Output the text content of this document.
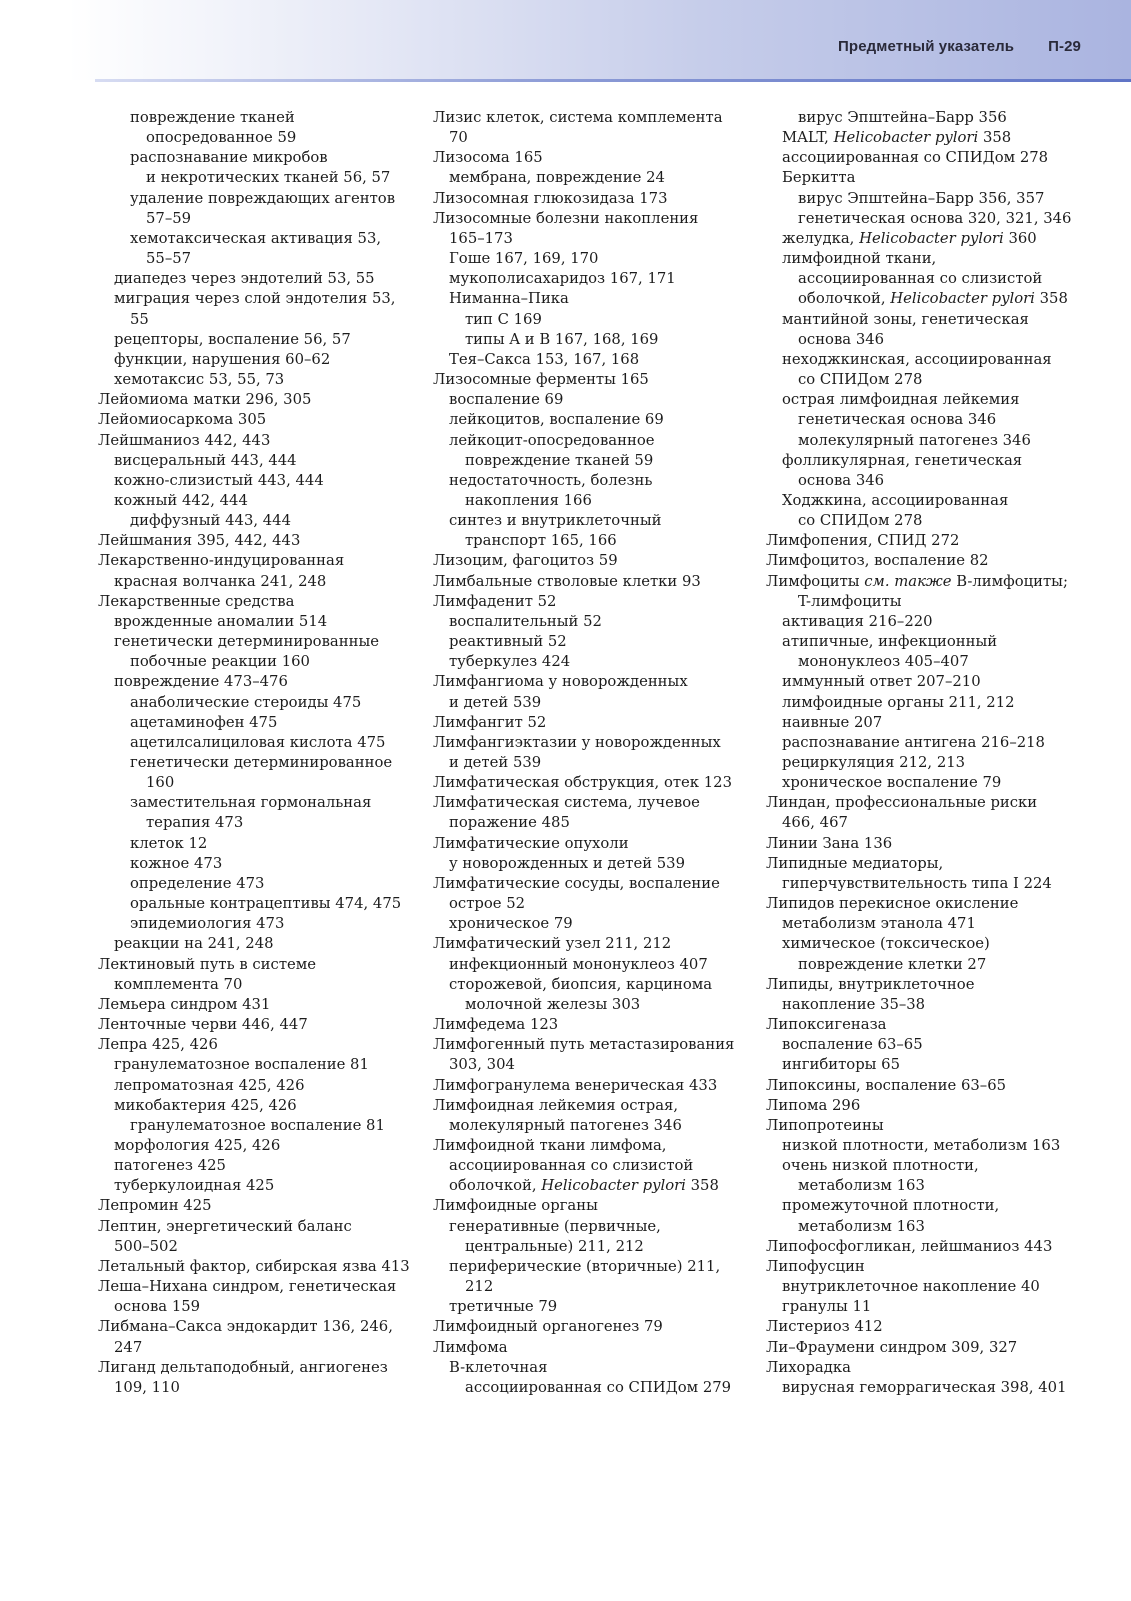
Предметный указатель П-29
повреждение тканей
опосредованное 59
распознавание микробов
и некротических тканей 56, 57
удаление повреждающих агентов
57–59
хемотаксическая активация 53,
55–57
диапедез через эндотелий 53, 55
миграция через слой эндотелия 53,
55
рецепторы, воспаление 56, 57
функции, нарушения 60–62
хемотаксис 53, 55, 73
Лейомиома матки 296, 305
Лейомиосаркома 305
Лейшманиоз 442, 443
висцеральный 443, 444
кожно-слизистый 443, 444
кожный 442, 444
диффузный 443, 444
Лейшмания 395, 442, 443
Лекарственно-индуцированная
красная волчанка 241, 248
Лекарственные средства
врожденные аномалии 514
генетически детерминированные
побочные реакции 160
повреждение 473–476
анаболические стероиды 475
ацетаминофен 475
ацетилсалициловая кислота 475
генетически детерминированное
160
заместительная гормональная
терапия 473
клеток 12
кожное 473
определение 473
оральные контрацептивы 474, 475
эпидемиология 473
реакции на 241, 248
Лектиновый путь в системе
комплемента 70
Лемьера синдром 431
Ленточные черви 446, 447
Лепра 425, 426
гранулематозное воспаление 81
лепроматозная 425, 426
микобактерия 425, 426
гранулематозное воспаление 81
морфология 425, 426
патогенез 425
туберкулоидная 425
Лепромин 425
Лептин, энергетический баланс
500–502
Летальный фактор, сибирская язва 413
Леша–Нихана синдром, генетическая
основа 159
Либмана–Сакса эндокардит 136, 246,
247
Лиганд дельтаподобный, ангиогенез
109, 110
Лизис клеток, система комплемента
70
Лизосома 165
мембрана, повреждение 24
Лизосомная глюкозидаза 173
Лизосомные болезни накопления
165–173
Гоше 167, 169, 170
мукополисахаридоз 167, 171
Ниманна–Пика
тип C 169
типы A и B 167, 168, 169
Тея–Сакса 153, 167, 168
Лизосомные ферменты 165
воспаление 69
лейкоцитов, воспаление 69
лейкоцит-опосредованное
повреждение тканей 59
недостаточность, болезнь
накопления 166
синтез и внутриклеточный
транспорт 165, 166
Лизоцим, фагоцитоз 59
Лимбальные стволовые клетки 93
Лимфаденит 52
воспалительный 52
реактивный 52
туберкулез 424
Лимфангиома у новорожденных
и детей 539
Лимфангит 52
Лимфангиэктазии у новорожденных
и детей 539
Лимфатическая обструкция, отек 123
Лимфатическая система, лучевое
поражение 485
Лимфатические опухоли
у новорожденных и детей 539
Лимфатические сосуды, воспаление
острое 52
хроническое 79
Лимфатический узел 211, 212
инфекционный мононуклеоз 407
сторожевой, биопсия, карцинома
молочной железы 303
Лимфедема 123
Лимфогенный путь метастазирования
303, 304
Лимфогранулема венерическая 433
Лимфоидная лейкемия острая,
молекулярный патогенез 346
Лимфоидной ткани лимфома,
ассоциированная со слизистой
оболочкой, Helicobacter pylori 358
Лимфоидные органы
генеративные (первичные,
центральные) 211, 212
периферические (вторичные) 211,
212
третичные 79
Лимфоидный органогенез 79
Лимфома
B-клеточная
ассоциированная со СПИДом 279
вирус Эпштейна–Барр 356
MALT, Helicobacter pylori 358
ассоциированная со СПИДом 278
Беркитта
вирус Эпштейна–Барр 356, 357
генетическая основа 320, 321, 346
желудка, Helicobacter pylori 360
лимфоидной ткани,
ассоциированная со слизистой
оболочкой, Helicobacter pylori 358
мантийной зоны, генетическая
основа 346
неходжкинская, ассоциированная
со СПИДом 278
острая лимфоидная лейкемия
генетическая основа 346
молекулярный патогенез 346
фолликулярная, генетическая
основа 346
Ходжкина, ассоциированная
со СПИДом 278
Лимфопения, СПИД 272
Лимфоцитоз, воспаление 82
Лимфоциты см. также B-лимфоциты;
T-лимфоциты
активация 216–220
атипичные, инфекционный
мононуклеоз 405–407
иммунный ответ 207–210
лимфоидные органы 211, 212
наивные 207
распознавание антигена 216–218
рециркуляция 212, 213
хроническое воспаление 79
Линдан, профессиональные риски
466, 467
Линии Зана 136
Липидные медиаторы,
гиперчувствительность типа I 224
Липидов перекисное окисление
метаболизм этанола 471
химическое (токсическое)
повреждение клетки 27
Липиды, внутриклеточное
накопление 35–38
Липоксигеназа
воспаление 63–65
ингибиторы 65
Липоксины, воспаление 63–65
Липома 296
Липопротеины
низкой плотности, метаболизм 163
очень низкой плотности,
метаболизм 163
промежуточной плотности,
метаболизм 163
Липофосфогликан, лейшманиоз 443
Липофусцин
внутриклеточное накопление 40
гранулы 11
Листериоз 412
Ли–Фраумени синдром 309, 327
Лихорадка
вирусная геморрагическая 398, 401
